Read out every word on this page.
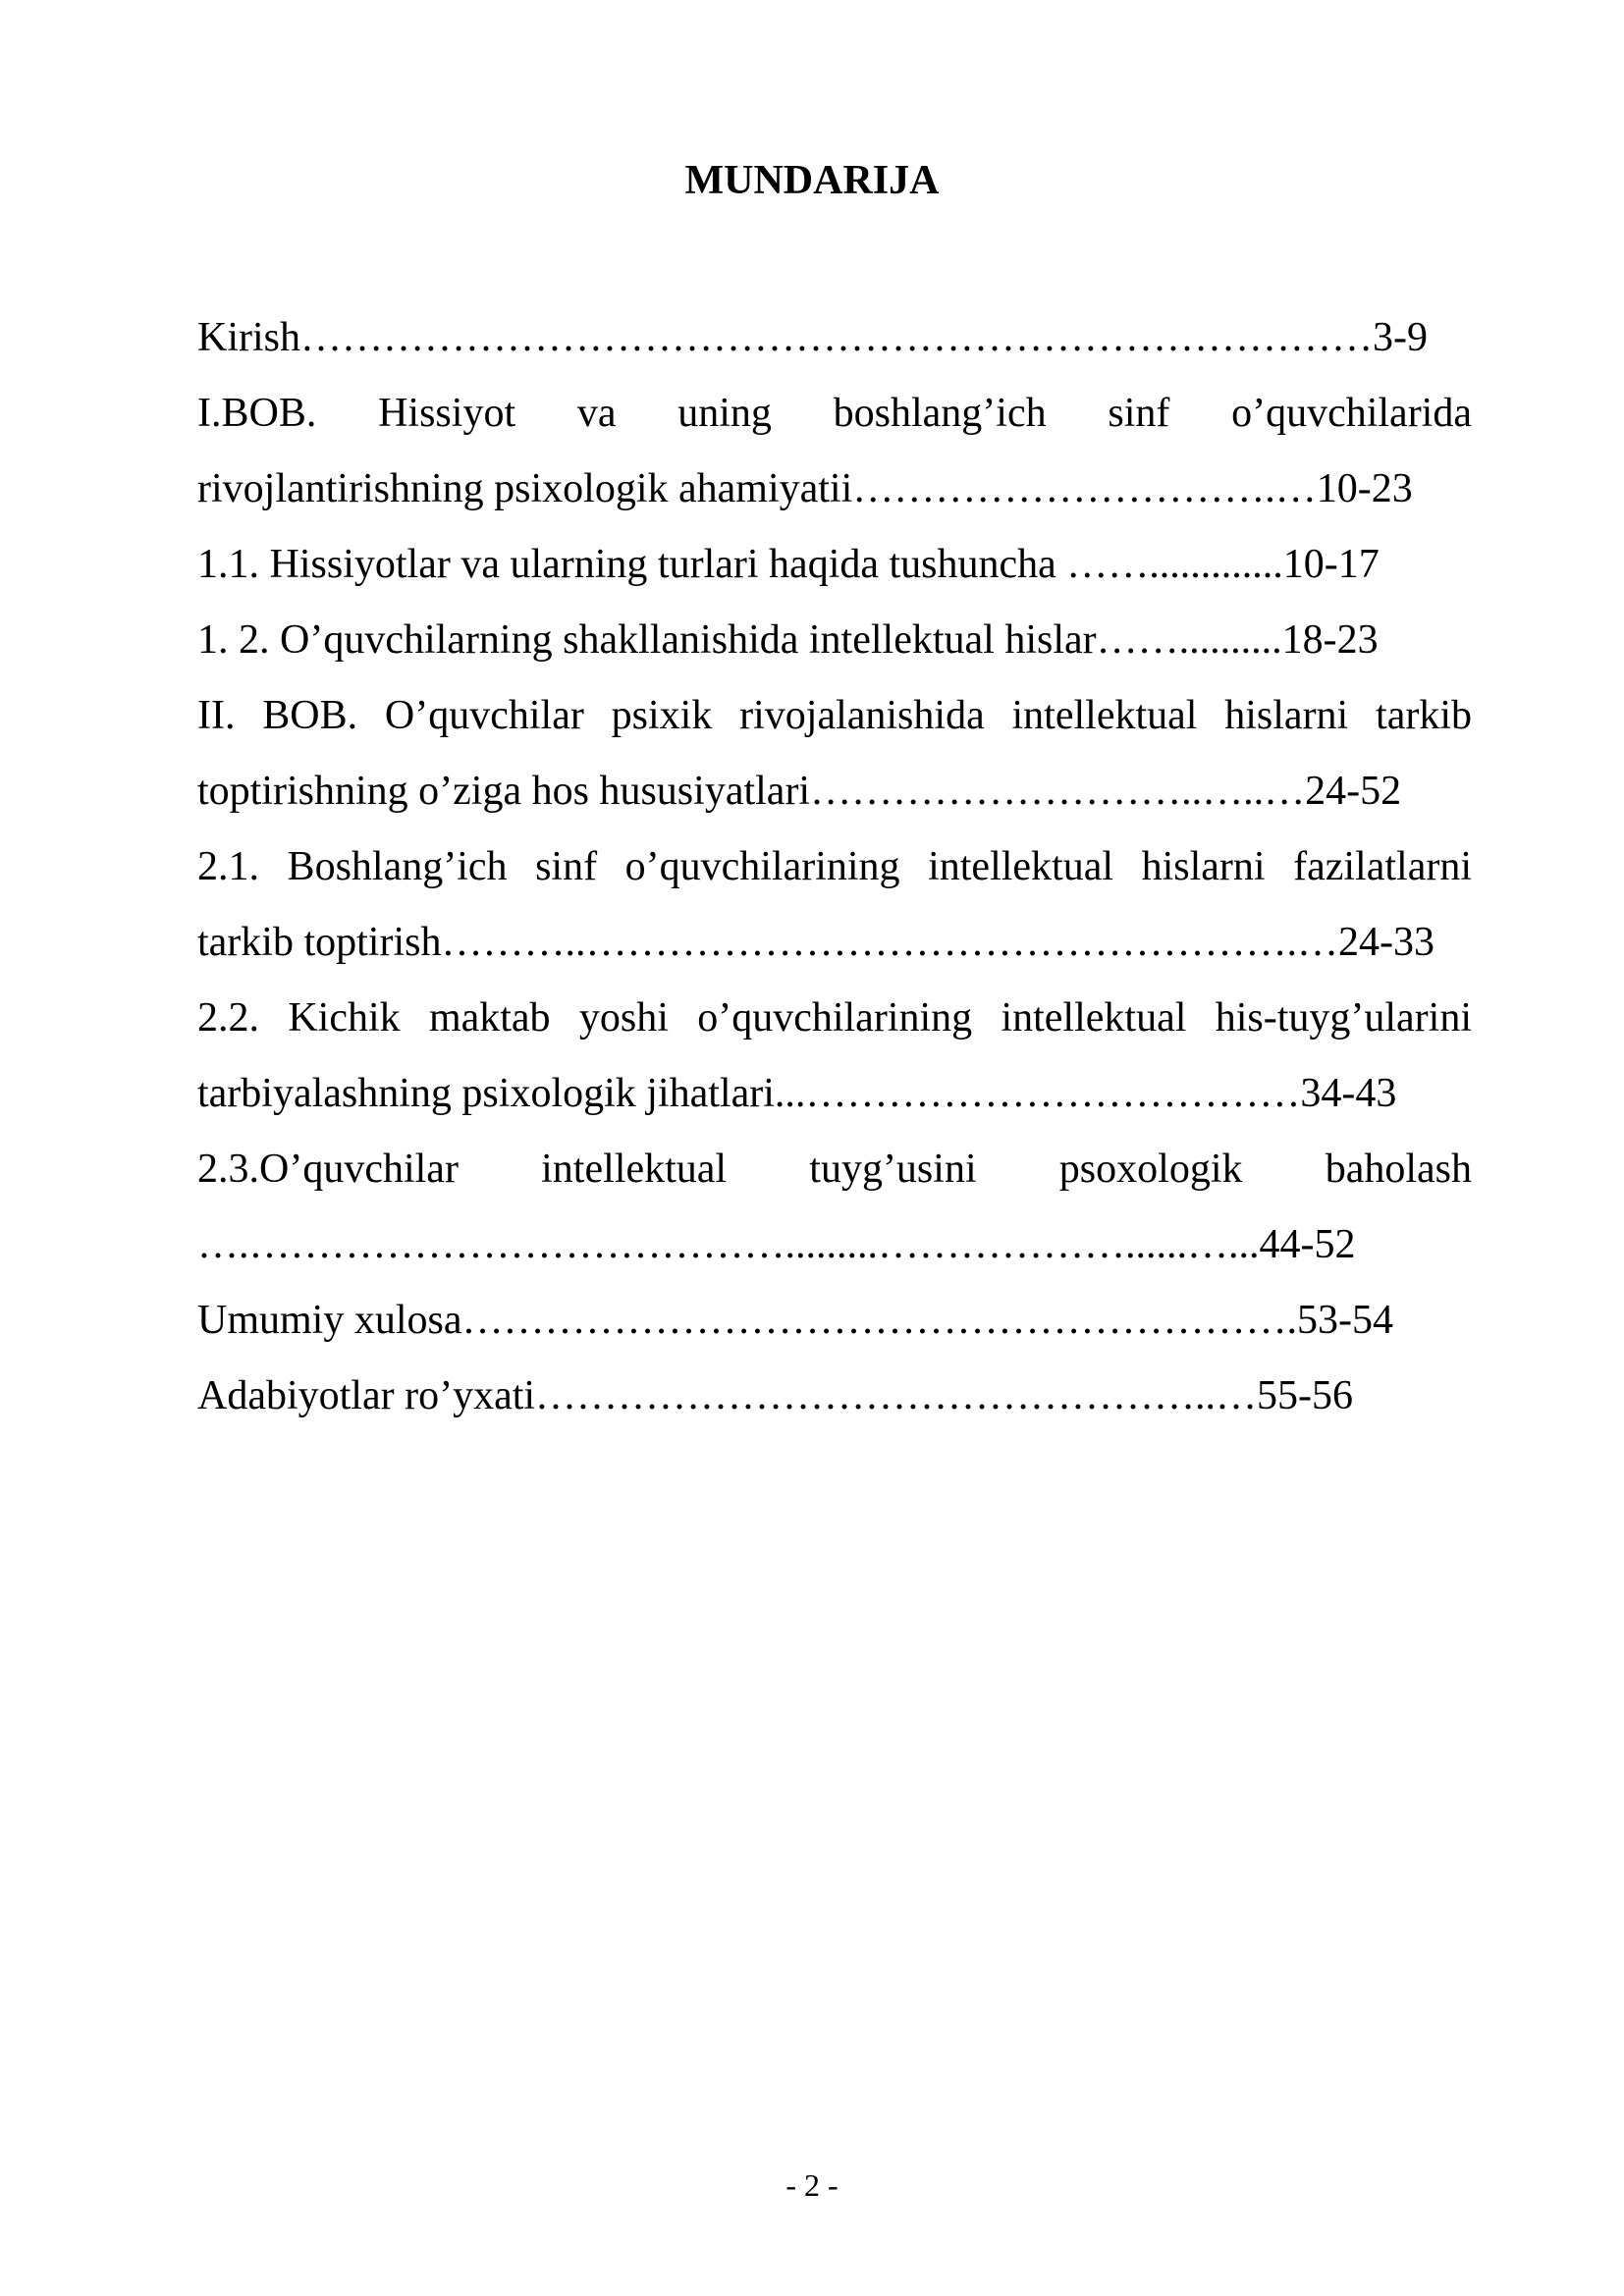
MUNDARIJA
Kirish……………………………………………………………………3-9
I.BOB. Hissiyot va uning boshlang’ich sinf o’quvchilarida
rivojlantirishning psixologik ahamiyatii………………………….…10-23
1.1. Hissiyotlar va ularning turlari haqida tushuncha …….............10-17
1. 2. O’quvchilarning shakllanishida intellektual hislar……..........18-23
II. BOB. O’quvchilar psixik rivojalanishida intellektual hislarni tarkib
toptirishning o’ziga hos hususiyatlari………………………..…..…24-52
2.1. Boshlang’ich sinf o’quvchilarining intellektual hislarni fazilatlarni
tarkib toptirish………..…………………………………………….…24-33
2.2. Kichik maktab yoshi o’quvchilarining intellektual his-tuyg’ularini
tarbiyalashning psixologik jihatlari...………………………………34-43
2.3.O’quvchilar intellektual tuyg’usini psoxologik baholash
….………………………………….........………………......…...44-52
Umumiy xulosa…………………………………………………….53-54
Adabiyotlar ro’yxati…………………………………………..…55-56
- 2 -
